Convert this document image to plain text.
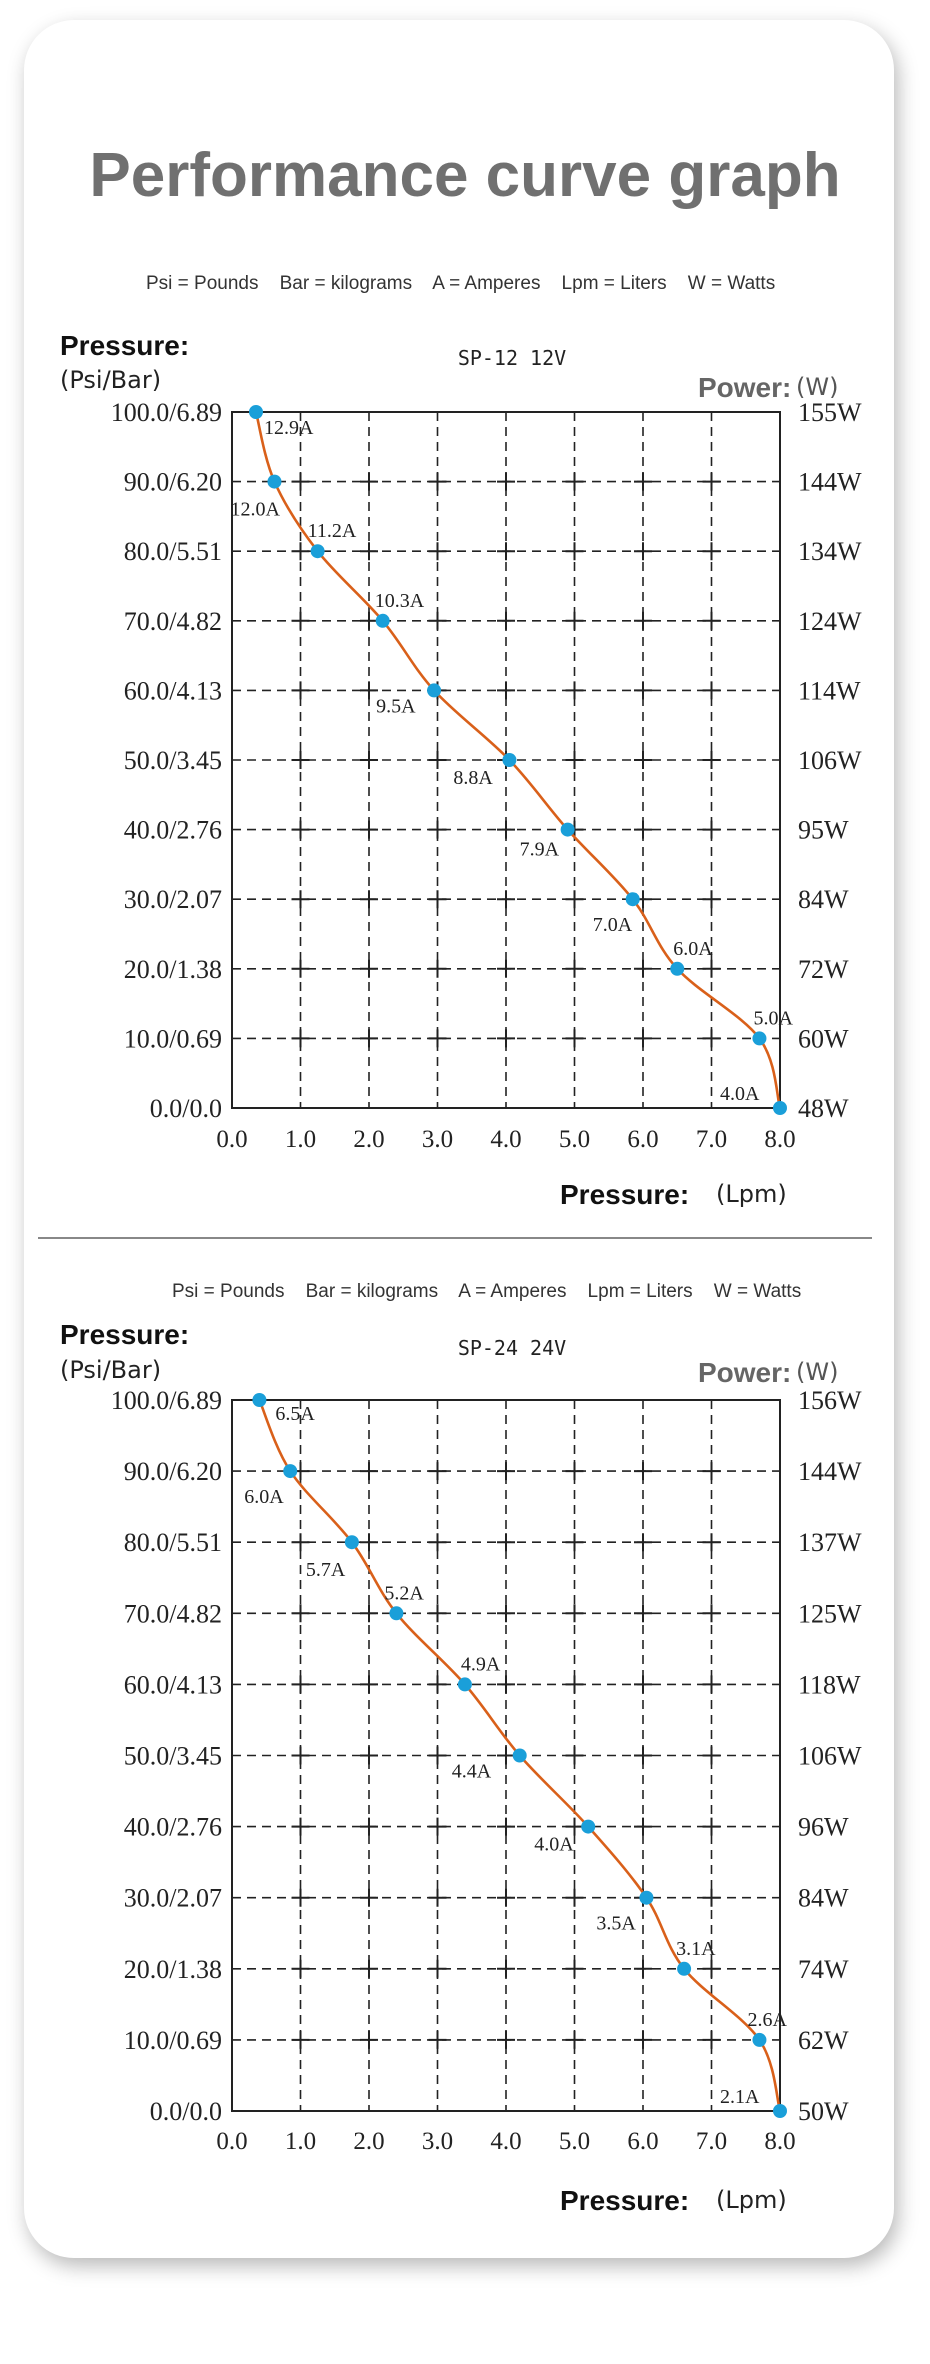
Performance curve graph
Psi = Pounds    Bar = kilograms    A = Amperes    Lpm = Liters    W = Watts
Pressure:
(Psi/Bar)
SP-12 12V
Power: (W)
0.0/0.0	48W
10.0/0.69	60W
20.0/1.38	72W
30.0/2.07	84W
40.0/2.76	95W
50.0/3.45	106W
60.0/4.13	114W
70.0/4.82	124W
80.0/5.51	134W
90.0/6.20	144W
100.0/6.89	155W
0.0 1.0 2.0 3.0 4.0 5.0 6.0 7.0 8.0
Pressure: (Lpm)
12.9A
12.0A
11.2A
10.3A
9.5A
8.8A
7.9A
7.0A
6.0A
5.0A
4.0A
Psi = Pounds    Bar = kilograms    A = Amperes    Lpm = Liters    W = Watts
Pressure:
(Psi/Bar)
SP-24 24V
Power: (W)
0.0/0.0	50W
10.0/0.69	62W
20.0/1.38	74W
30.0/2.07	84W
40.0/2.76	96W
50.0/3.45	106W
60.0/4.13	118W
70.0/4.82	125W
80.0/5.51	137W
90.0/6.20	144W
100.0/6.89	156W
0.0 1.0 2.0 3.0 4.0 5.0 6.0 7.0 8.0
Pressure: (Lpm)
6.5A
6.0A
5.7A
5.2A
4.9A
4.4A
4.0A
3.5A
3.1A
2.6A
2.1A
